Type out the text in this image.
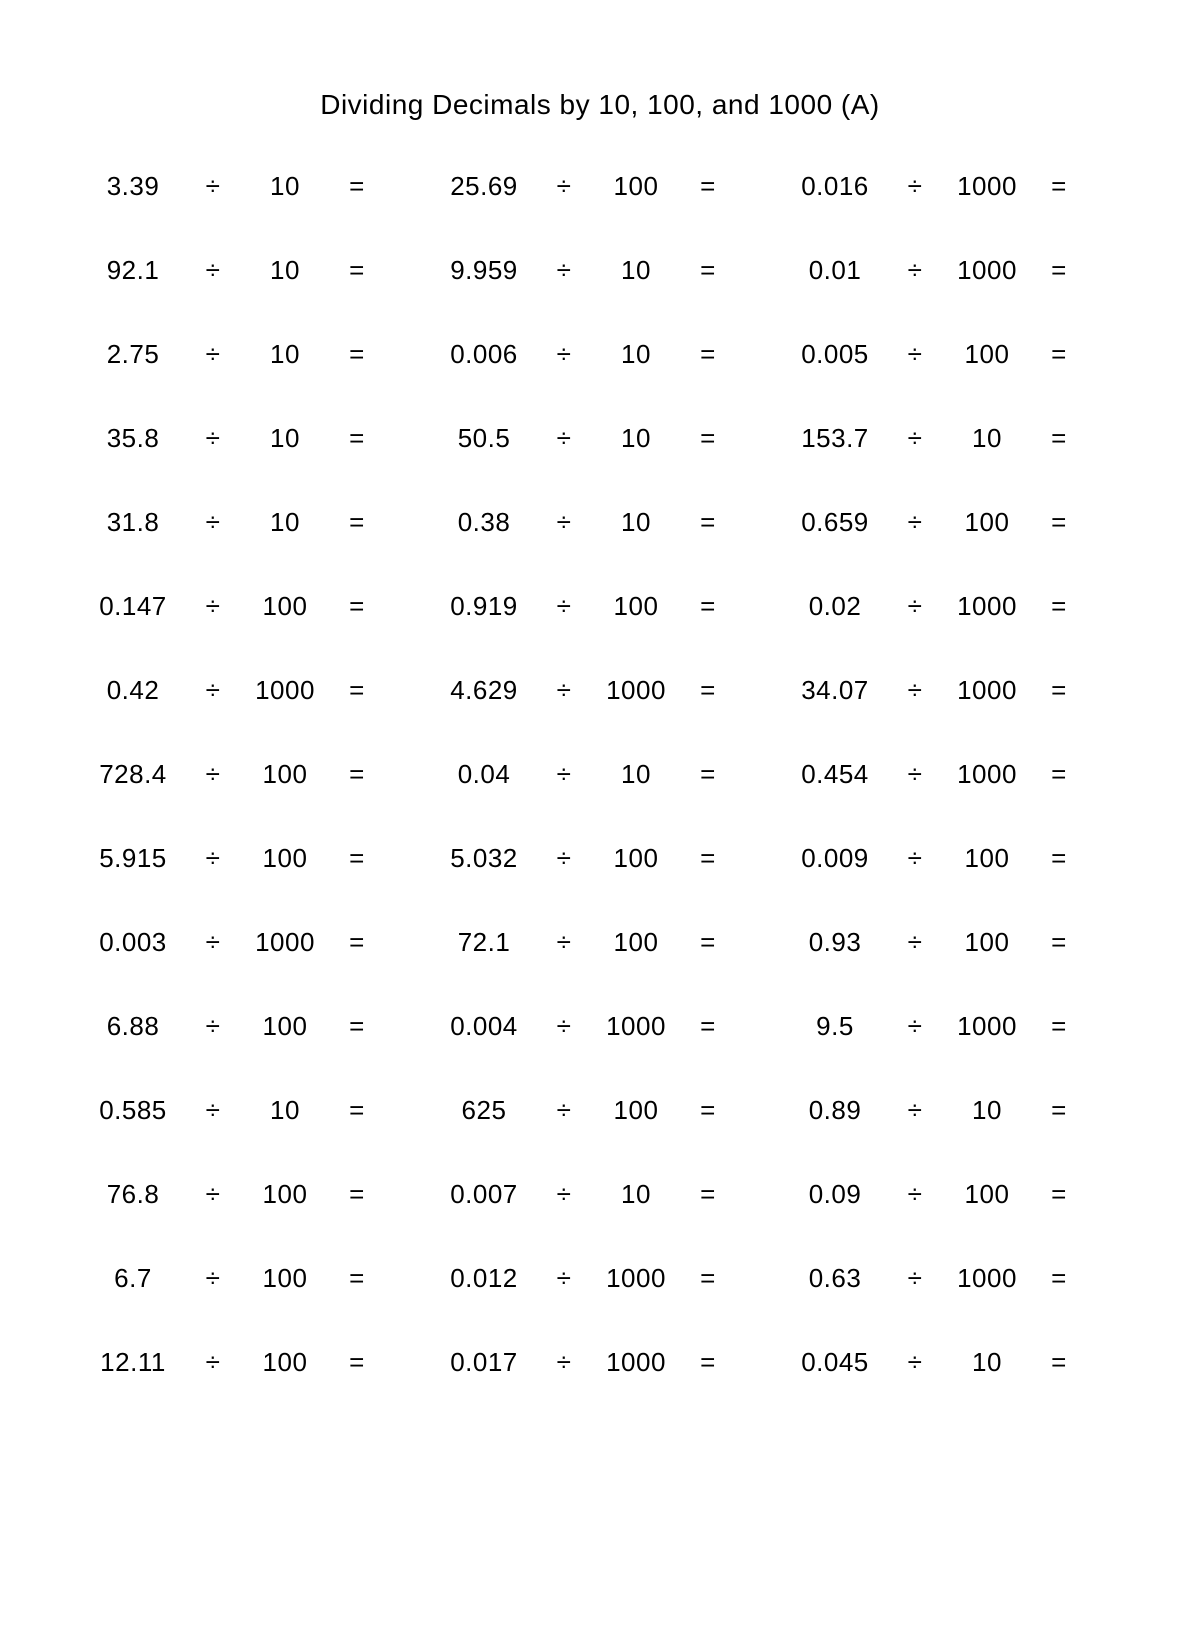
Dividing Decimals by 10, 100, and 1000 (A)
3.39	÷	10	=	25.69	÷	100	=	0.016	÷	1000	=
92.1	÷	10	=	9.959	÷	10	=	0.01	÷	1000	=
2.75	÷	10	=	0.006	÷	10	=	0.005	÷	100	=
35.8	÷	10	=	50.5	÷	10	=	153.7	÷	10	=
31.8	÷	10	=	0.38	÷	10	=	0.659	÷	100	=
0.147	÷	100	=	0.919	÷	100	=	0.02	÷	1000	=
0.42	÷	1000	=	4.629	÷	1000	=	34.07	÷	1000	=
728.4	÷	100	=	0.04	÷	10	=	0.454	÷	1000	=
5.915	÷	100	=	5.032	÷	100	=	0.009	÷	100	=
0.003	÷	1000	=	72.1	÷	100	=	0.93	÷	100	=
6.88	÷	100	=	0.004	÷	1000	=	9.5	÷	1000	=
0.585	÷	10	=	625	÷	100	=	0.89	÷	10	=
76.8	÷	100	=	0.007	÷	10	=	0.09	÷	100	=
6.7	÷	100	=	0.012	÷	1000	=	0.63	÷	1000	=
12.11	÷	100	=	0.017	÷	1000	=	0.045	÷	10	=
